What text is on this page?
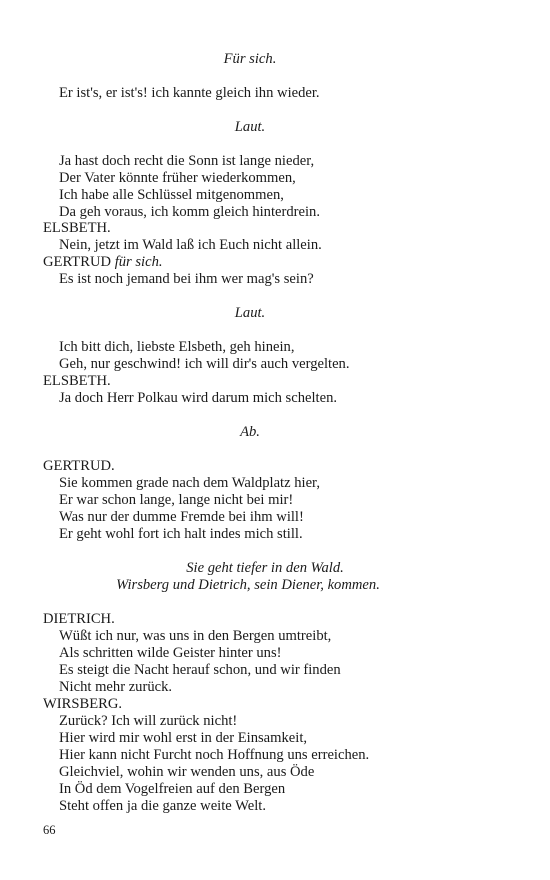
Für sich.
Er ist's, er ist's! ich kannte gleich ihn wieder.
Laut.
Ja hast doch recht die Sonn ist lange nieder,
Der Vater könnte früher wiederkommen,
Ich habe alle Schlüssel mitgenommen,
Da geh voraus, ich komm gleich hinterdrein.
ELSBETH.
Nein, jetzt im Wald laß ich Euch nicht allein.
GERTRUD für sich.
Es ist noch jemand bei ihm wer mag's sein?
Laut.
Ich bitt dich, liebste Elsbeth, geh hinein,
Geh, nur geschwind! ich will dir's auch vergelten.
ELSBETH.
Ja doch Herr Polkau wird darum mich schelten.
Ab.
GERTRUD.
Sie kommen grade nach dem Waldplatz hier,
Er war schon lange, lange nicht bei mir!
Was nur der dumme Fremde bei ihm will!
Er geht wohl fort ich halt indes mich still.
Sie geht tiefer in den Wald.
Wirsberg und Dietrich, sein Diener, kommen.
DIETRICH.
Wüßt ich nur, was uns in den Bergen umtreibt,
Als schritten wilde Geister hinter uns!
Es steigt die Nacht herauf schon, und wir finden
Nicht mehr zurück.
WIRSBERG.
Zurück? Ich will zurück nicht!
Hier wird mir wohl erst in der Einsamkeit,
Hier kann nicht Furcht noch Hoffnung uns erreichen.
Gleichviel, wohin wir wenden uns, aus Öde
In Öd dem Vogelfreien auf den Bergen
Steht offen ja die ganze weite Welt.
66
